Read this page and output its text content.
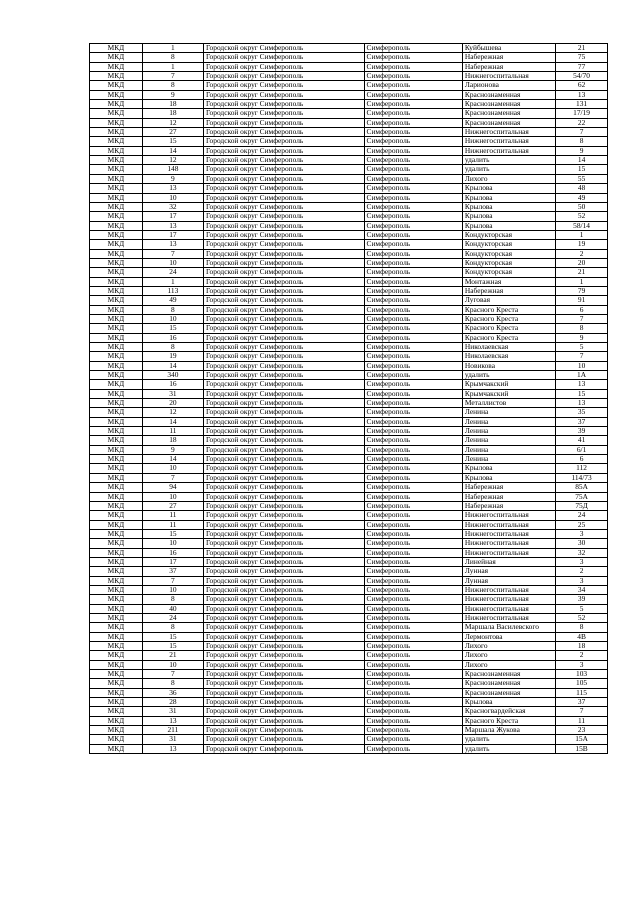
МКД	1	Городской округ Симферополь	Симферополь	Куйбышева	21
МКД	8	Городской округ Симферополь	Симферополь	Набережная	75
МКД	1	Городской округ Симферополь	Симферополь	Набережная	77
МКД	7	Городской округ Симферополь	Симферополь	Нижнегоспитальная	54/70
МКД	8	Городской округ Симферополь	Симферополь	Ларионова	62
МКД	9	Городской округ Симферополь	Симферополь	Краснознаменная	13
МКД	18	Городской округ Симферополь	Симферополь	Краснознаменная	131
МКД	18	Городской округ Симферополь	Симферополь	Краснознаменная	17/19
МКД	12	Городской округ Симферополь	Симферополь	Краснознаменная	22
МКД	27	Городской округ Симферополь	Симферополь	Нижнегоспитальная	7
МКД	15	Городской округ Симферополь	Симферополь	Нижнегоспитальная	8
МКД	14	Городской округ Симферополь	Симферополь	Нижнегоспитальная	9
МКД	12	Городской округ Симферополь	Симферополь	удалить	14
МКД	148	Городской округ Симферополь	Симферополь	удалить	15
МКД	9	Городской округ Симферополь	Симферополь	Лихого	55
МКД	13	Городской округ Симферополь	Симферополь	Крылова	48
МКД	10	Городской округ Симферополь	Симферополь	Крылова	49
МКД	32	Городской округ Симферополь	Симферополь	Крылова	50
МКД	17	Городской округ Симферополь	Симферополь	Крылова	52
МКД	13	Городской округ Симферополь	Симферополь	Крылова	58/14
МКД	17	Городской округ Симферополь	Симферополь	Кондукторская	1
МКД	13	Городской округ Симферополь	Симферополь	Кондукторская	19
МКД	7	Городской округ Симферополь	Симферополь	Кондукторская	2
МКД	10	Городской округ Симферополь	Симферополь	Кондукторская	20
МКД	24	Городской округ Симферополь	Симферополь	Кондукторская	21
МКД	1	Городской округ Симферополь	Симферополь	Монтажная	1
МКД	113	Городской округ Симферополь	Симферополь	Набережная	79
МКД	49	Городской округ Симферополь	Симферополь	Луговая	91
МКД	8	Городской округ Симферополь	Симферополь	Красного Креста	6
МКД	10	Городской округ Симферополь	Симферополь	Красного Креста	7
МКД	15	Городской округ Симферополь	Симферополь	Красного Креста	8
МКД	16	Городской округ Симферополь	Симферополь	Красного Креста	9
МКД	8	Городской округ Симферополь	Симферополь	Николаевская	5
МКД	19	Городской округ Симферополь	Симферополь	Николаевская	7
МКД	14	Городской округ Симферополь	Симферополь	Новикова	10
МКД	340	Городской округ Симферополь	Симферополь	удалить	1А
МКД	16	Городской округ Симферополь	Симферополь	Крымчакский	13
МКД	31	Городской округ Симферополь	Симферополь	Крымчакский	15
МКД	20	Городской округ Симферополь	Симферополь	Металлистов	13
МКД	12	Городской округ Симферополь	Симферополь	Ленина	35
МКД	14	Городской округ Симферополь	Симферополь	Ленина	37
МКД	11	Городской округ Симферополь	Симферополь	Ленина	39
МКД	18	Городской округ Симферополь	Симферополь	Ленина	41
МКД	9	Городской округ Симферополь	Симферополь	Ленина	6/1
МКД	14	Городской округ Симферополь	Симферополь	Ленина	6
МКД	10	Городской округ Симферополь	Симферополь	Крылова	112
МКД	7	Городской округ Симферополь	Симферополь	Крылова	114/73
МКД	94	Городской округ Симферополь	Симферополь	Набережная	85А
МКД	10	Городской округ Симферополь	Симферополь	Набережная	75А
МКД	27	Городской округ Симферополь	Симферополь	Набережная	75Д
МКД	11	Городской округ Симферополь	Симферополь	Нижнегоспитальная	24
МКД	11	Городской округ Симферополь	Симферополь	Нижнегоспитальная	25
МКД	15	Городской округ Симферополь	Симферополь	Нижнегоспитальная	3
МКД	10	Городской округ Симферополь	Симферополь	Нижнегоспитальная	30
МКД	16	Городской округ Симферополь	Симферополь	Нижнегоспитальная	32
МКД	17	Городской округ Симферополь	Симферополь	Линейная	3
МКД	37	Городской округ Симферополь	Симферополь	Лунная	2
МКД	7	Городской округ Симферополь	Симферополь	Лунная	3
МКД	10	Городской округ Симферополь	Симферополь	Нижнегоспитальная	34
МКД	8	Городской округ Симферополь	Симферополь	Нижнегоспитальная	39
МКД	40	Городской округ Симферополь	Симферополь	Нижнегоспитальная	5
МКД	24	Городской округ Симферополь	Симферополь	Нижнегоспитальная	52
МКД	8	Городской округ Симферополь	Симферополь	Маршала Василевского	8
МКД	15	Городской округ Симферополь	Симферополь	Лермонтова	4В
МКД	15	Городской округ Симферополь	Симферополь	Лихого	18
МКД	21	Городской округ Симферополь	Симферополь	Лихого	2
МКД	10	Городской округ Симферополь	Симферополь	Лихого	3
МКД	7	Городской округ Симферополь	Симферополь	Краснознаменная	103
МКД	8	Городской округ Симферополь	Симферополь	Краснознаменная	105
МКД	36	Городской округ Симферополь	Симферополь	Краснознаменная	115
МКД	28	Городской округ Симферополь	Симферополь	Крылова	37
МКД	31	Городской округ Симферополь	Симферополь	Красногвардейская	7
МКД	13	Городской округ Симферополь	Симферополь	Красного Креста	11
МКД	211	Городской округ Симферополь	Симферополь	Маршала Жукова	23
МКД	31	Городской округ Симферополь	Симферополь	удалить	15А
МКД	13	Городской округ Симферополь	Симферополь	удалить	15В
